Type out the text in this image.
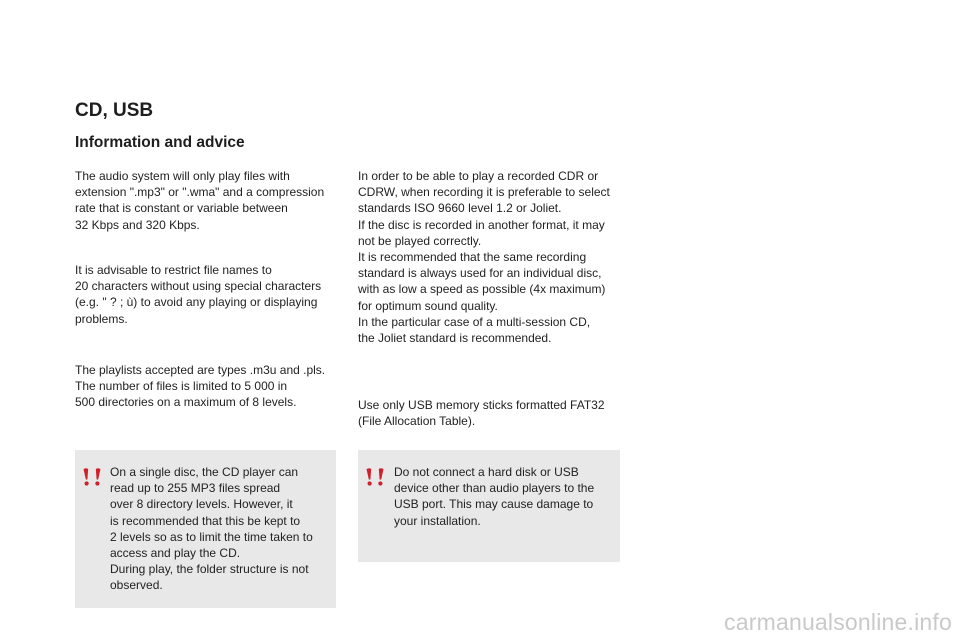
CD, USB
Information and advice

The audio system will only play files with
extension ".mp3" or ".wma" and a compression
rate that is constant or variable between
32 Kbps and 320 Kbps.

It is advisable to restrict file names to
20 characters without using special characters
(e.g. " ? ; ù) to avoid any playing or displaying
problems.

The playlists accepted are types .m3u and .pls.
The number of files is limited to 5 000 in
500 directories on a maximum of 8 levels.

On a single disc, the CD player can
read up to 255 MP3 files spread
over 8 directory levels. However, it
is recommended that this be kept to
2 levels so as to limit the time taken to
access and play the CD.
During play, the folder structure is not
observed.

In order to be able to play a recorded CDR or
CDRW, when recording it is preferable to select
standards ISO 9660 level 1.2 or Joliet.
If the disc is recorded in another format, it may
not be played correctly.
It is recommended that the same recording
standard is always used for an individual disc,
with as low a speed as possible (4x maximum)
for optimum sound quality.
In the particular case of a multi-session CD,
the Joliet standard is recommended.

Use only USB memory sticks formatted FAT32
(File Allocation Table).

Do not connect a hard disk or USB
device other than audio players to the
USB port. This may cause damage to
your installation.

carmanualsonline.info
